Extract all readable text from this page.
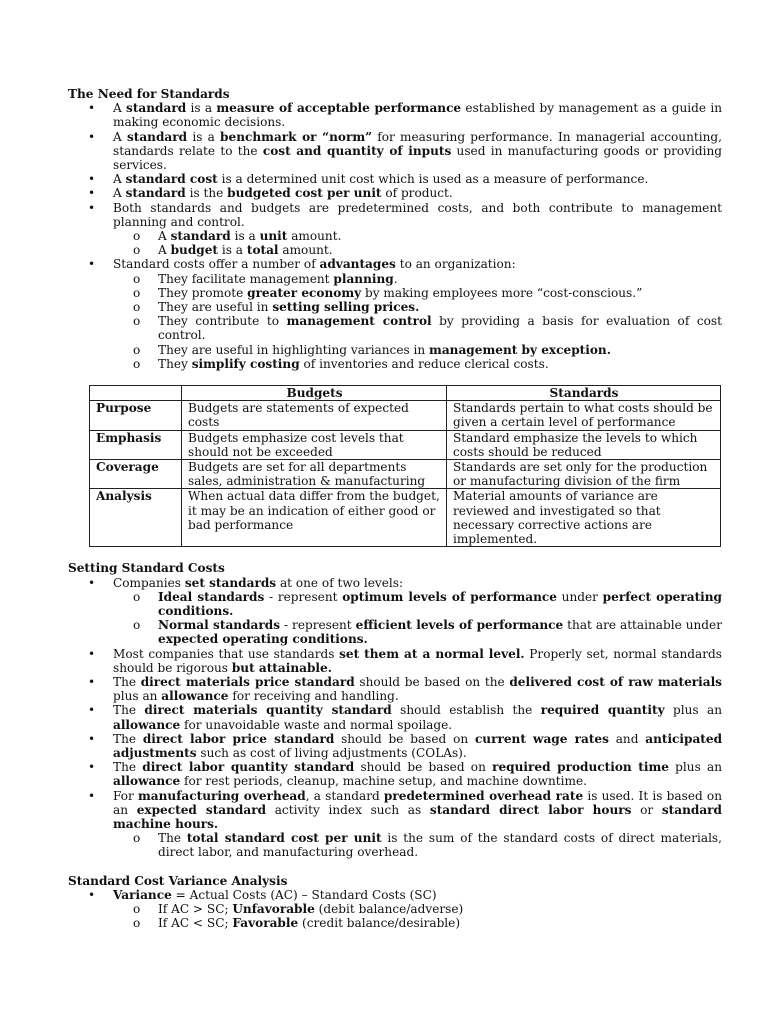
The Need for Standards
• A standard is a measure of acceptable performance established by management as a guide in making economic decisions.
• A standard is a benchmark or “norm” for measuring performance. In managerial accounting, standards relate to the cost and quantity of inputs used in manufacturing goods or providing services.
• A standard cost is a determined unit cost which is used as a measure of performance.
• A standard is the budgeted cost per unit of product.
• Both standards and budgets are predetermined costs, and both contribute to management planning and control.
o A standard is a unit amount.
o A budget is a total amount.
• Standard costs offer a number of advantages to an organization:
o They facilitate management planning.
o They promote greater economy by making employees more “cost-conscious.”
o They are useful in setting selling prices.
o They contribute to management control by providing a basis for evaluation of cost control.
o They are useful in highlighting variances in management by exception.
o They simplify costing of inventories and reduce clerical costs.
	Budgets	Standards
Purpose	Budgets are statements of expected costs	Standards pertain to what costs should be given a certain level of performance
Emphasis	Budgets emphasize cost levels that should not be exceeded	Standard emphasize the levels to which costs should be reduced
Coverage	Budgets are set for all departments sales, administration & manufacturing	Standards are set only for the production or manufacturing division of the firm
Analysis	When actual data differ from the budget, it may be an indication of either good or bad performance	Material amounts of variance are reviewed and investigated so that necessary corrective actions are implemented.
Setting Standard Costs
• Companies set standards at one of two levels:
o Ideal standards - represent optimum levels of performance under perfect operating conditions.
o Normal standards - represent efficient levels of performance that are attainable under expected operating conditions.
• Most companies that use standards set them at a normal level. Properly set, normal standards should be rigorous but attainable.
• The direct materials price standard should be based on the delivered cost of raw materials plus an allowance for receiving and handling.
• The direct materials quantity standard should establish the required quantity plus an allowance for unavoidable waste and normal spoilage.
• The direct labor price standard should be based on current wage rates and anticipated adjustments such as cost of living adjustments (COLAs).
• The direct labor quantity standard should be based on required production time plus an allowance for rest periods, cleanup, machine setup, and machine downtime.
• For manufacturing overhead, a standard predetermined overhead rate is used. It is based on an expected standard activity index such as standard direct labor hours or standard machine hours.
o The total standard cost per unit is the sum of the standard costs of direct materials, direct labor, and manufacturing overhead.
Standard Cost Variance Analysis
• Variance = Actual Costs (AC) – Standard Costs (SC)
o If AC > SC; Unfavorable (debit balance/adverse)
o If AC < SC; Favorable (credit balance/desirable)
